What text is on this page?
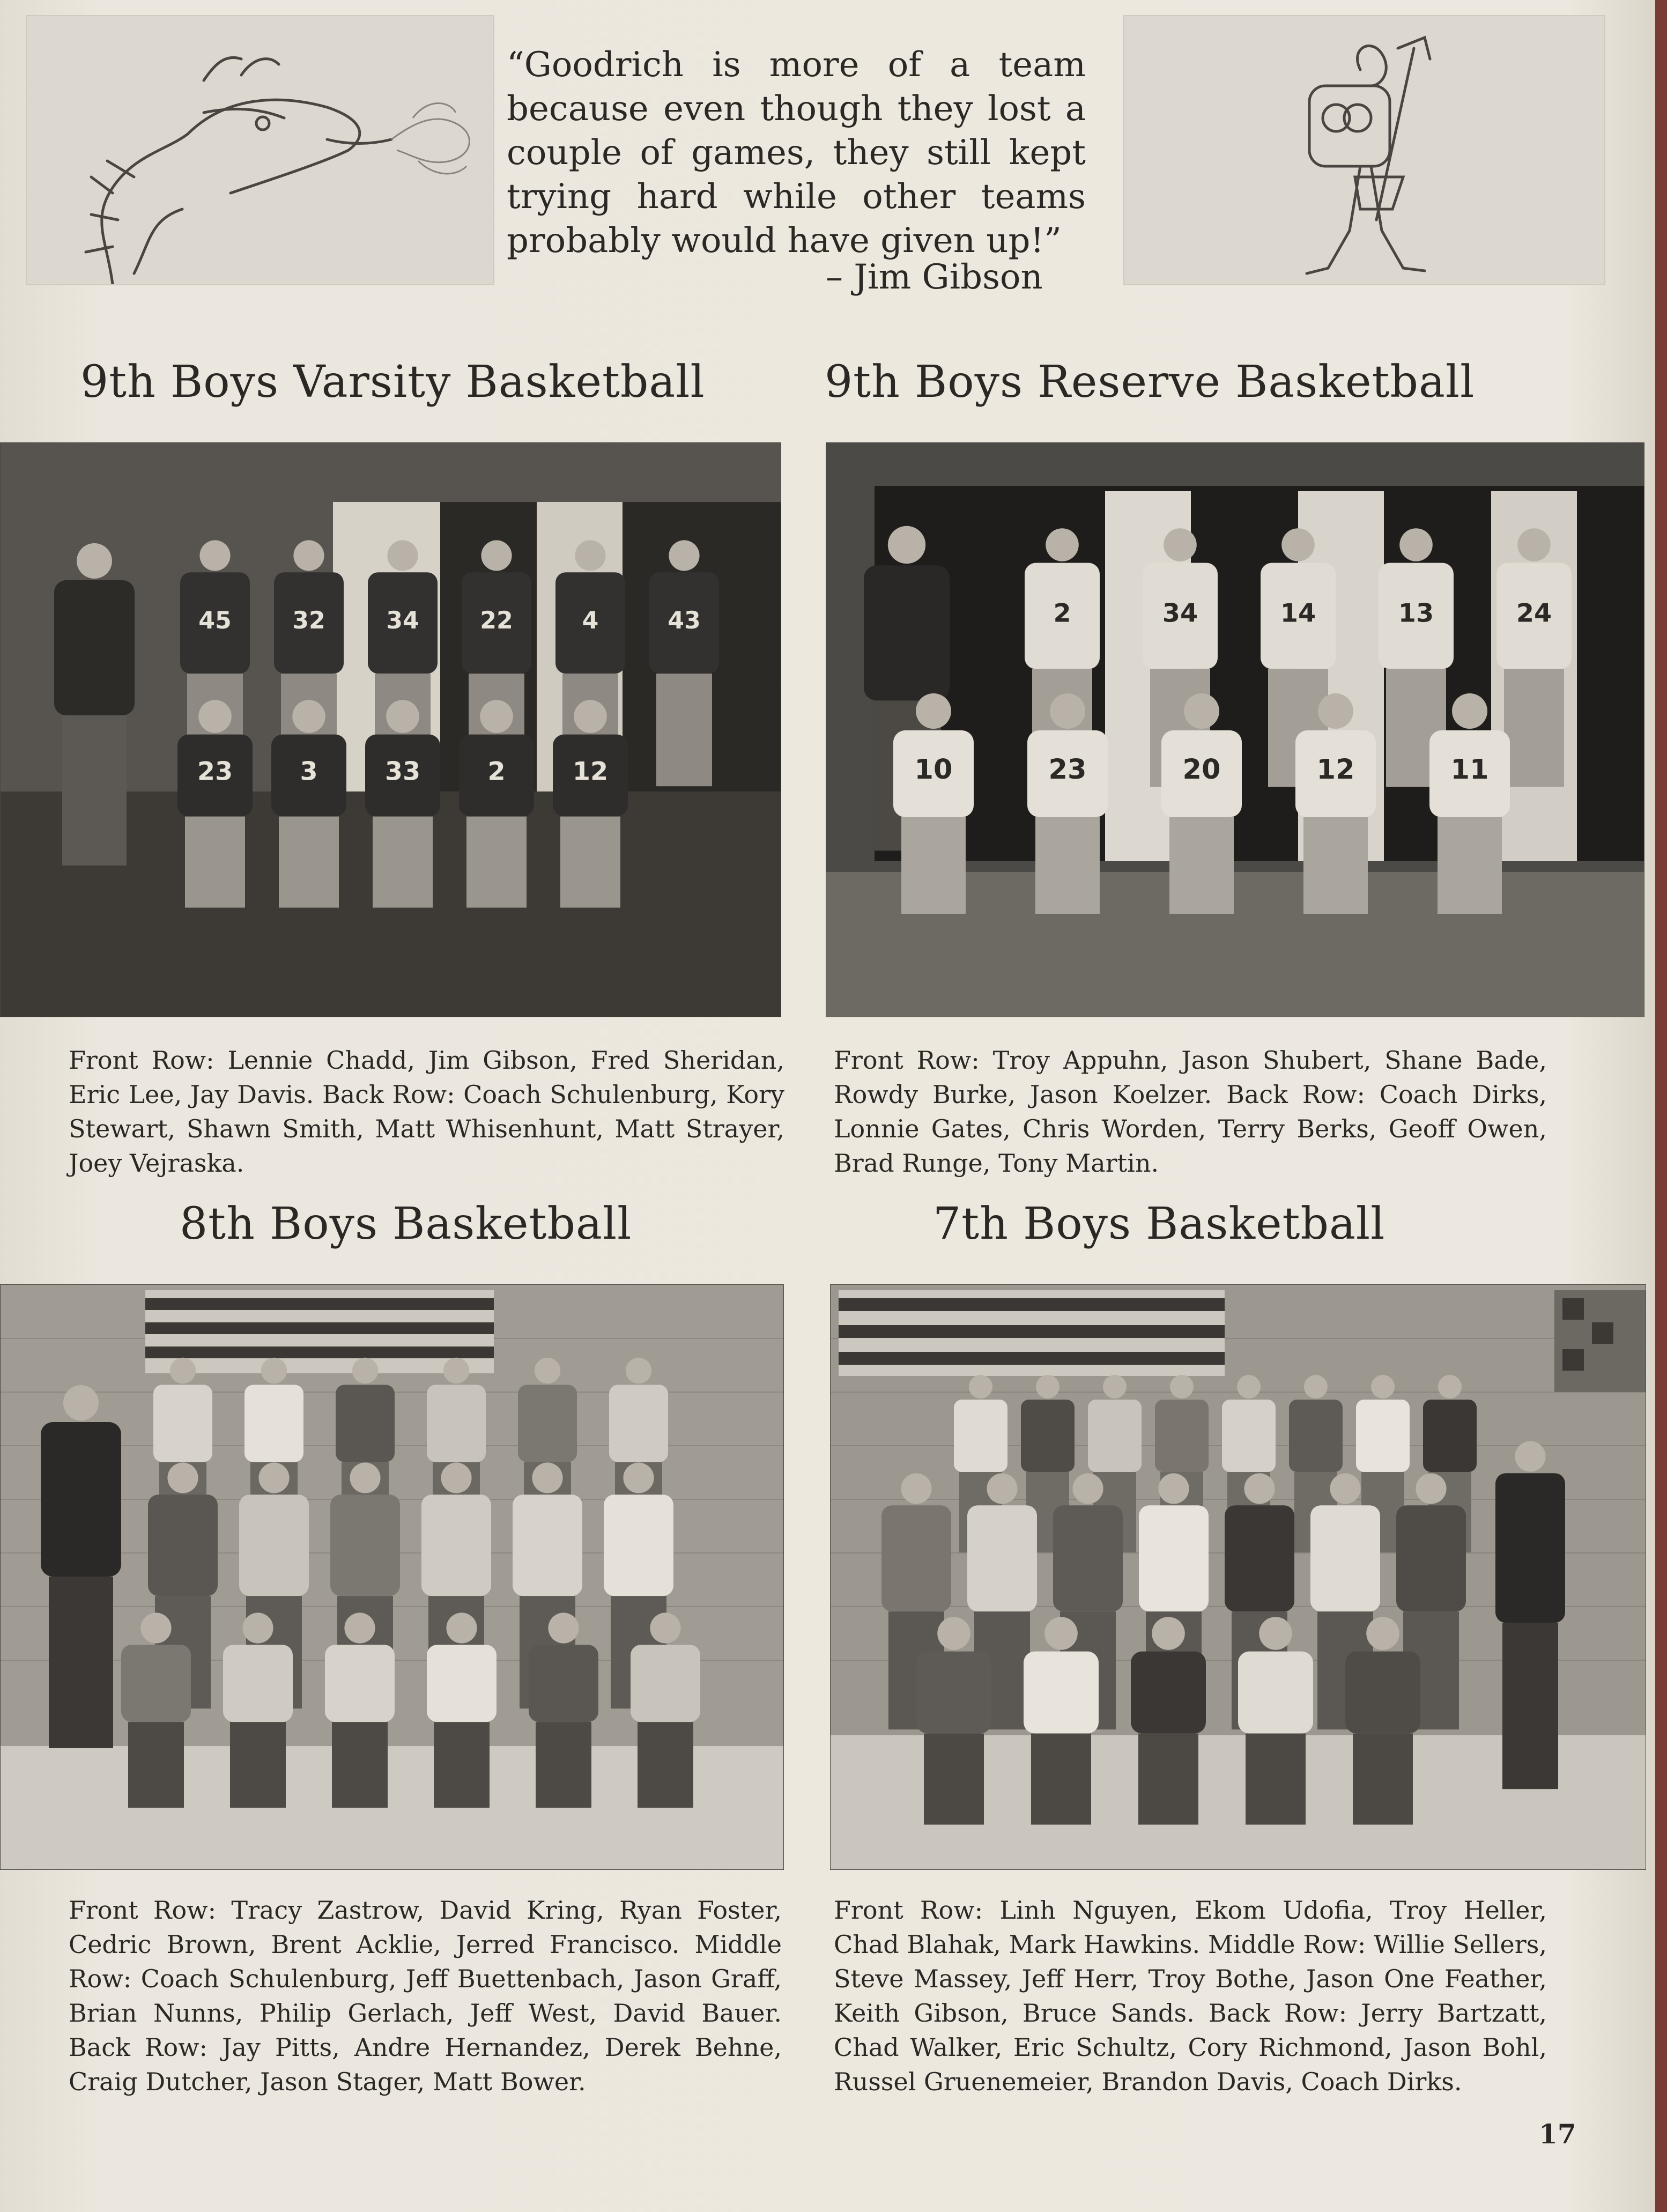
“Goodrich is more of a team because even though they lost a couple of games, they still kept trying hard while other teams probably would have given up!”
– Jim Gibson
9th Boys Varsity Basketball	9th Boys Reserve Basketball
45	32	34	22	4	43
23	3	33	2	12
2	34	14	13	24
10	23	20	12	11
Front Row: Lennie Chadd, Jim Gibson, Fred Sheridan, Eric Lee, Jay Davis. Back Row: Coach Schulenburg, Kory Stewart, Shawn Smith, Matt Whisenhunt, Matt Strayer, Joey Vejraska.
Front Row: Troy Appuhn, Jason Shubert, Shane Bade, Rowdy Burke, Jason Koelzer. Back Row: Coach Dirks, Lonnie Gates, Chris Worden, Terry Berks, Geoff Owen, Brad Runge, Tony Martin.
8th Boys Basketball	7th Boys Basketball
Front Row: Tracy Zastrow, David Kring, Ryan Foster, Cedric Brown, Brent Acklie, Jerred Francisco. Middle Row: Coach Schulenburg, Jeff Buettenbach, Jason Graff, Brian Nunns, Philip Gerlach, Jeff West, David Bauer. Back Row: Jay Pitts, Andre Hernandez, Derek Behne, Craig Dutcher, Jason Stager, Matt Bower.
Front Row: Linh Nguyen, Ekom Udofia, Troy Heller, Chad Blahak, Mark Hawkins. Middle Row: Willie Sellers, Steve Massey, Jeff Herr, Troy Bothe, Jason One Feather, Keith Gibson, Bruce Sands. Back Row: Jerry Bartzatt, Chad Walker, Eric Schultz, Cory Richmond, Jason Bohl, Russel Gruenemeier, Brandon Davis, Coach Dirks.
17
